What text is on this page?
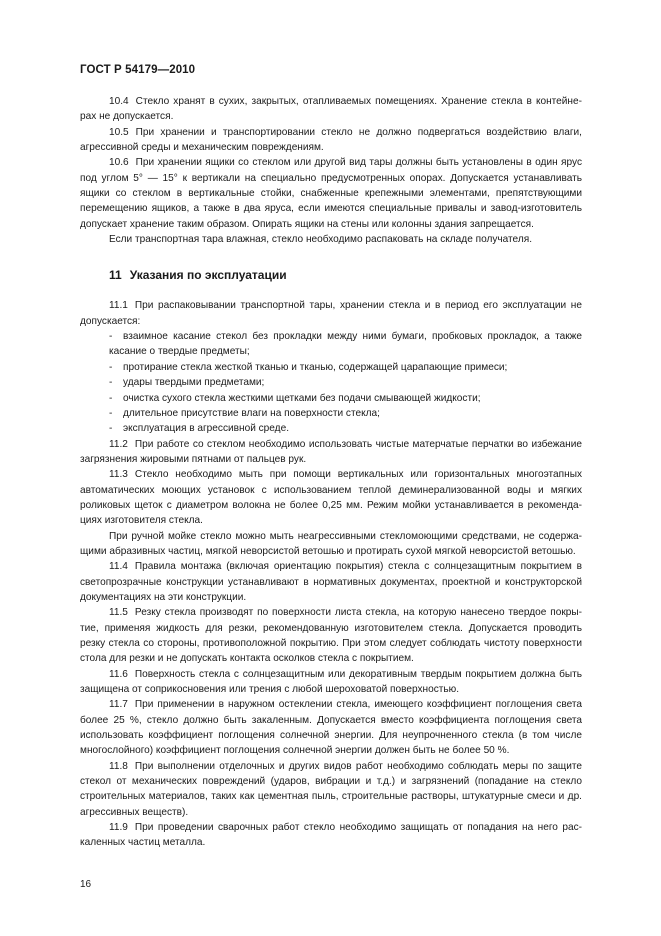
ГОСТ Р 54179—2010

10.4 Стекло хранят в сухих, закрытых, отапливаемых помещениях. Хранение стекла в контейнерах не допускается.

10.5 При хранении и транспортировании стекло не должно подвергаться воздействию влаги, агрессивной среды и механическим повреждениям.

10.6 При хранении ящики со стеклом или другой вид тары должны быть установлены в один ярус под углом 5° — 15° к вертикали на специально предусмотренных опорах. Допускается устанавливать ящики со стеклом в вертикальные стойки, снабженные крепежными элементами, препятствующими перемещению ящиков, а также в два яруса, если имеются специальные привалы и завод-изготовитель допускает хранение таким образом. Опирать ящики на стены или колонны здания запрещается.

Если транспортная тара влажная, стекло необходимо распаковать на складе получателя.

11 Указания по эксплуатации

11.1 При распаковывании транспортной тары, хранении стекла и в период его эксплуатации не допускается:

- взаимное касание стекол без прокладки между ними бумаги, пробковых прокладок, а также касание о твердые предметы;

- протирание стекла жесткой тканью и тканью, содержащей царапающие примеси;

- удары твердыми предметами;

- очистка сухого стекла жесткими щетками без подачи смывающей жидкости;

- длительное присутствие влаги на поверхности стекла;

- эксплуатация в агрессивной среде.

11.2 При работе со стеклом необходимо использовать чистые матерчатые перчатки во избежание загрязнения жировыми пятнами от пальцев рук.

11.3 Стекло необходимо мыть при помощи вертикальных или горизонтальных многоэтапных автоматических моющих установок с использованием теплой деминерализованной воды и мягких роликовых щеток с диаметром волокна не более 0,25 мм. Режим мойки устанавливается в рекомендациях изготовителя стекла.

При ручной мойке стекло можно мыть неагрессивными стекломоющими средствами, не содержащими абразивных частиц, мягкой неворсистой ветошью и протирать сухой мягкой неворсистой ветошью.

11.4 Правила монтажа (включая ориентацию покрытия) стекла с солнцезащитным покрытием в светопрозрачные конструкции устанавливают в нормативных документах, проектной и конструкторской документациях на эти конструкции.

11.5 Резку стекла производят по поверхности листа стекла, на которую нанесено твердое покрытие, применяя жидкость для резки, рекомендованную изготовителем стекла. Допускается проводить резку стекла со стороны, противоположной покрытию. При этом следует соблюдать чистоту поверхности стола для резки и не допускать контакта осколков стекла с покрытием.

11.6 Поверхность стекла с солнцезащитным или декоративным твердым покрытием должна быть защищена от соприкосновения или трения с любой шероховатой поверхностью.

11.7 При применении в наружном остеклении стекла, имеющего коэффициент поглощения света более 25 %, стекло должно быть закаленным. Допускается вместо коэффициента поглощения света использовать коэффициент поглощения солнечной энергии. Для неупрочненного стекла (в том числе многослойного) коэффициент поглощения солнечной энергии должен быть не более 50 %.

11.8 При выполнении отделочных и других видов работ необходимо соблюдать меры по защите стекол от механических повреждений (ударов, вибрации и т.д.) и загрязнений (попадание на стекло строительных материалов, таких как цементная пыль, строительные растворы, штукатурные смеси и др. агрессивных веществ).

11.9 При проведении сварочных работ стекло необходимо защищать от попадания на него раскаленных частиц металла.

16
